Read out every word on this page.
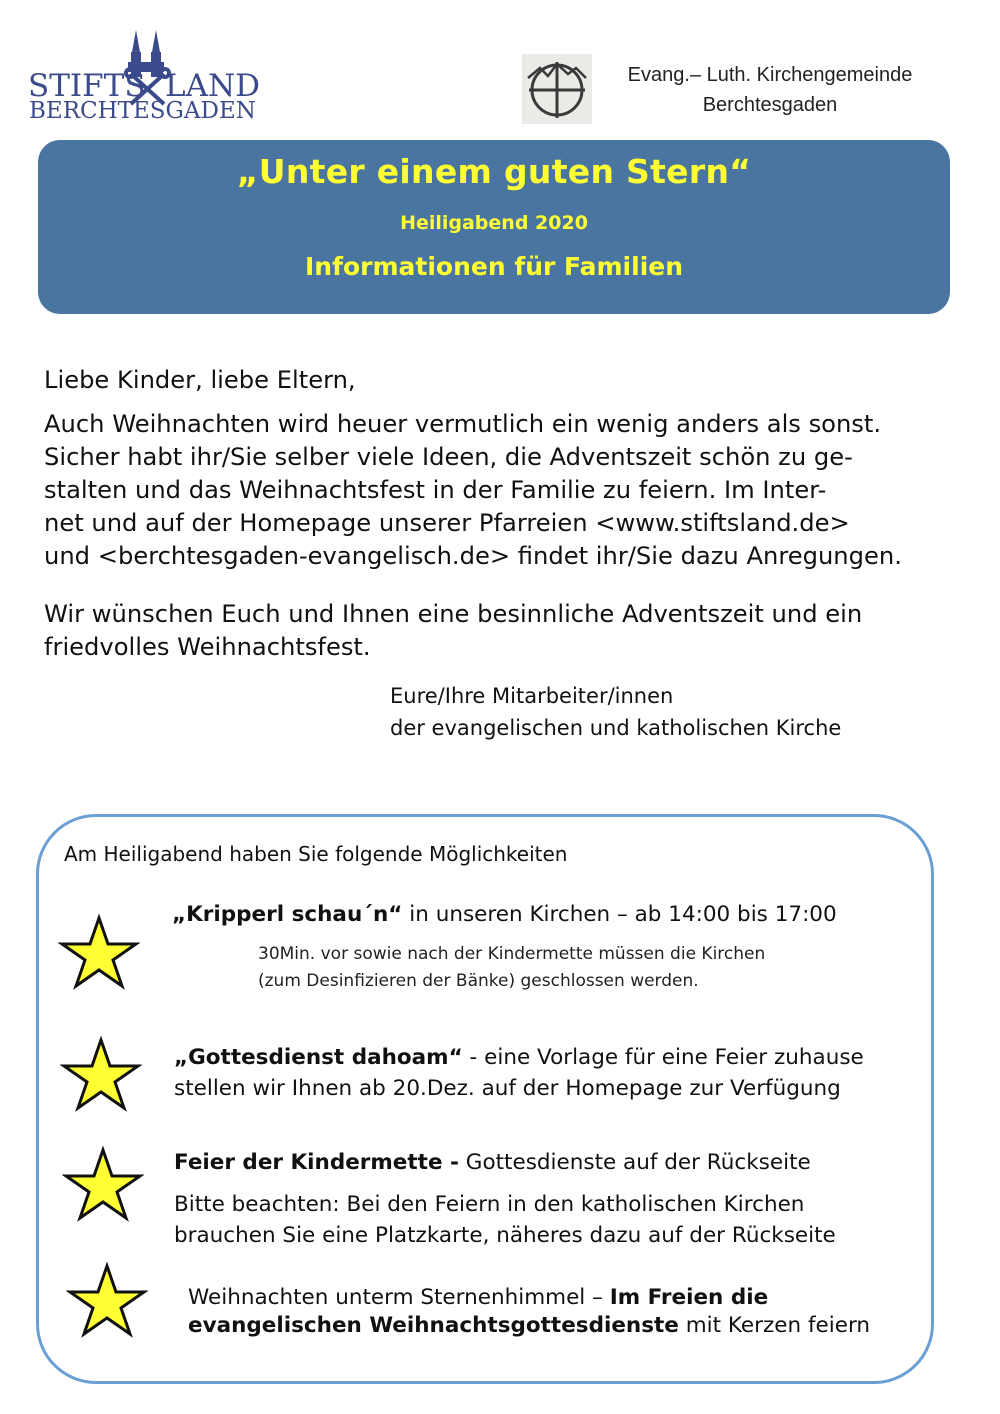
STIFTS LAND
BERCHTESGADEN
Evang.– Luth. Kirchengemeinde
Berchtesgaden
„Unter einem guten Stern“
Heiligabend 2020
Informationen für Familien
Liebe Kinder, liebe Eltern,
Auch Weihnachten wird heuer vermutlich ein wenig anders als sonst.
Sicher habt ihr/Sie selber viele Ideen, die Adventszeit schön zu ge-
stalten und das Weihnachtsfest in der Familie zu feiern. Im Inter-
net und auf der Homepage unserer Pfarreien <www.stiftsland.de>
und <berchtesgaden-evangelisch.de> findet ihr/Sie dazu Anregungen.
Wir wünschen Euch und Ihnen eine besinnliche Adventszeit und ein
friedvolles Weihnachtsfest.
Eure/Ihre Mitarbeiter/innen
der evangelischen und katholischen Kirche
Am Heiligabend haben Sie folgende Möglichkeiten
„Kripperl schau´n“ in unseren Kirchen – ab 14:00 bis 17:00
30Min. vor sowie nach der Kindermette müssen die Kirchen
(zum Desinfizieren der Bänke) geschlossen werden.
„Gottesdienst dahoam“ - eine Vorlage für eine Feier zuhause
stellen wir Ihnen ab 20.Dez. auf der Homepage zur Verfügung
Feier der Kindermette - Gottesdienste auf der Rückseite
Bitte beachten: Bei den Feiern in den katholischen Kirchen
brauchen Sie eine Platzkarte, näheres dazu auf der Rückseite
Weihnachten unterm Sternenhimmel – Im Freien die
evangelischen Weihnachtsgottesdienste mit Kerzen feiern
